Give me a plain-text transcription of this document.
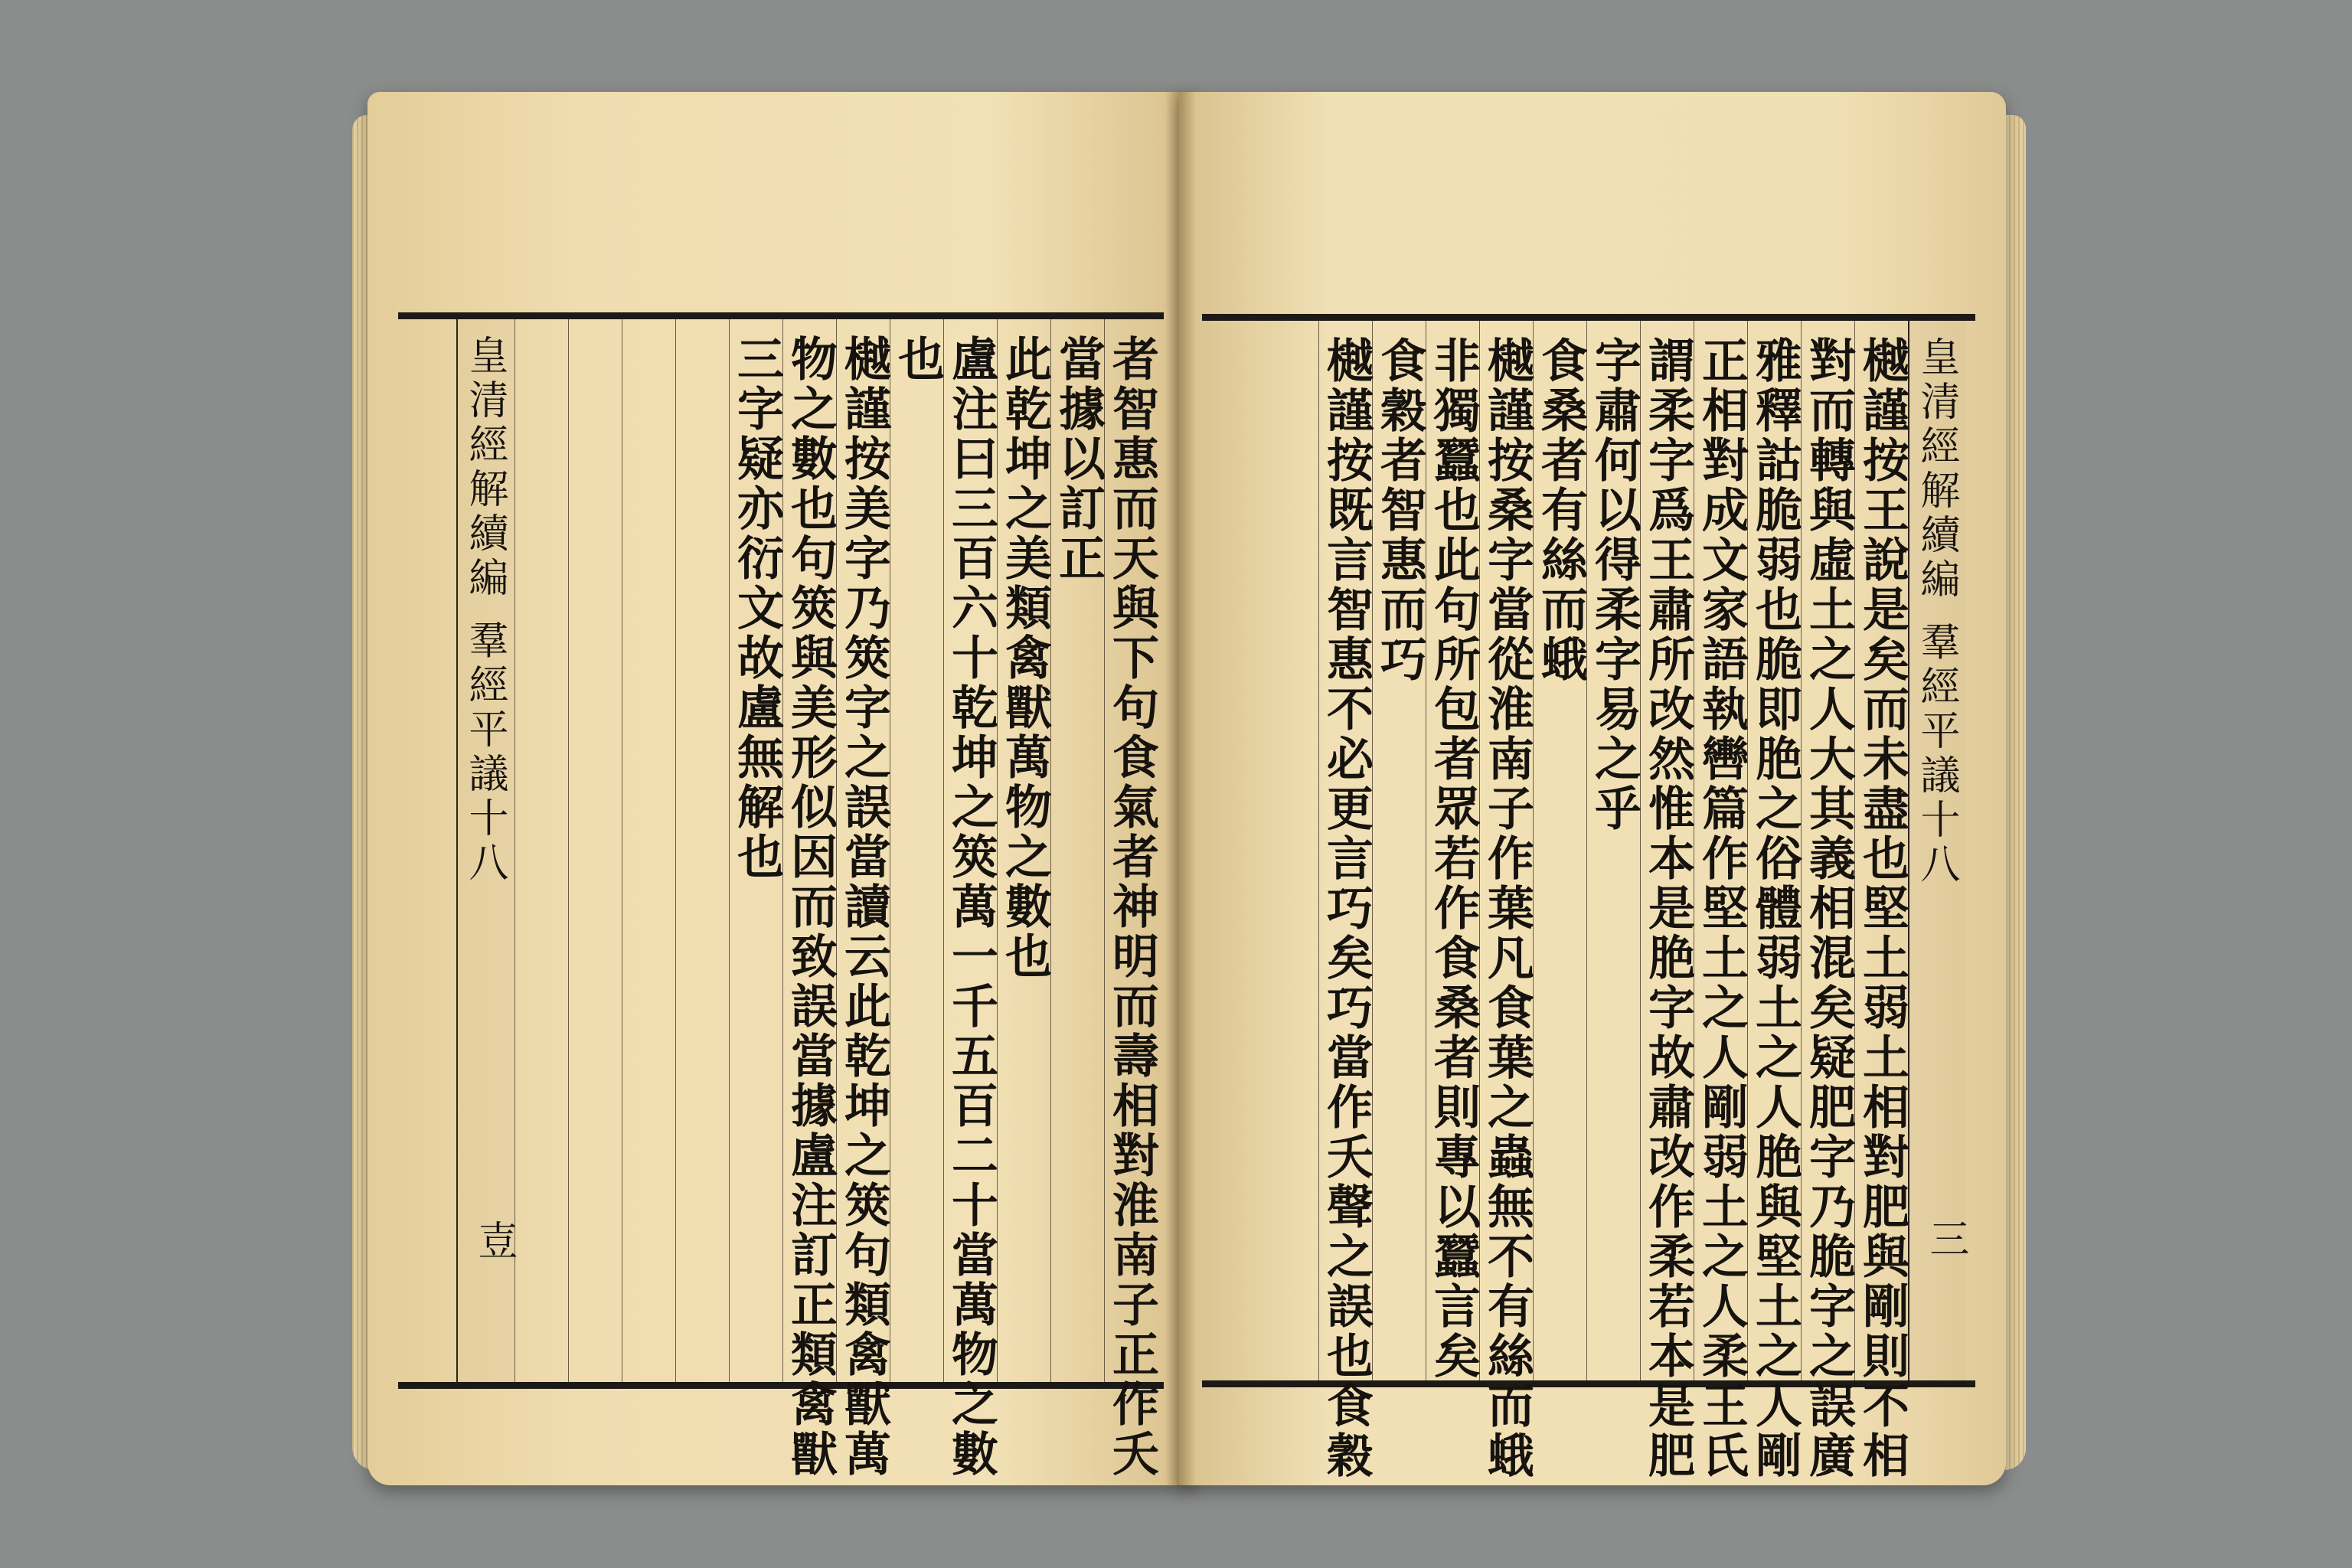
者智惠而天與下句食氣者神明而壽相對淮南子正作夭
當據以訂正
此乾坤之美類禽獸萬物之數也
盧注曰三百六十乾坤之筴萬一千五百二十當萬物之數
也
樾謹按美字乃筴字之誤當讀云此乾坤之筴句類禽獸萬
物之數也句筴與美形似因而致誤當據盧注訂正類禽獸
三字疑亦衍文故盧無解也
皇清經解續編
羣經平議十八
壴
皇清經解續編
羣經平議十八
三
樾謹按王說是矣而未盡也堅土弱土相對肥與剛則不相
對而轉與虛土之人大其義相混矣疑肥字乃脆字之誤廣
雅釋詁脆弱也脆即脃之俗體弱土之人脃與堅土之人剛
正相對成文家語執轡篇作堅土之人剛弱土之人柔王氏
謂柔字爲王肅所改然惟本是脃字故肅改作柔若本是肥
字肅何以得柔字易之乎
食桑者有絲而蛾
樾謹按桑字當從淮南子作葉凡食葉之蟲無不有絲而蛾
非獨蠶也此句所包者眾若作食桑者則專以蠶言矣
食穀者智惠而巧
樾謹按既言智惠不必更言巧矣巧當作夭聲之誤也食穀
